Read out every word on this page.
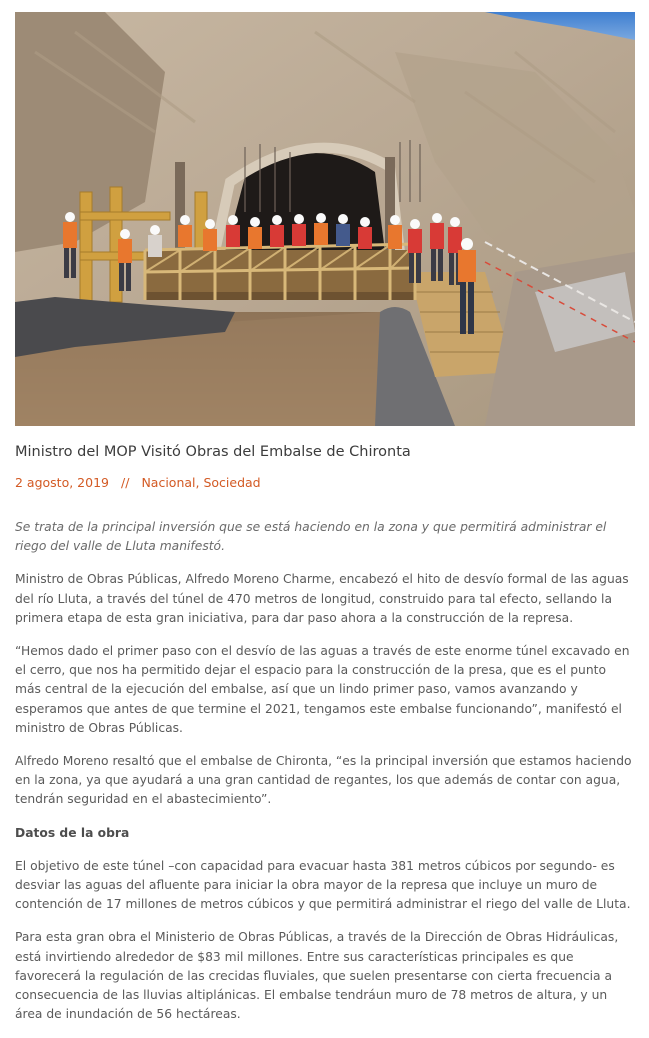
Ministro del MOP Visitó Obras del Embalse de Chironta
2 agosto, 2019 // Nacional, Sociedad

Se trata de la principal inversión que se está haciendo en la zona y que permitirá administrar el riego del valle de Lluta manifestó.

Ministro de Obras Públicas, Alfredo Moreno Charme, encabezó el hito de desvío formal de las aguas del río Lluta, a través del túnel de 470 metros de longitud, construido para tal efecto, sellando la primera etapa de esta gran iniciativa, para dar paso ahora a la construcción de la represa.

“Hemos dado el primer paso con el desvío de las aguas a través de este enorme túnel excavado en el cerro, que nos ha permitido dejar el espacio para la construcción de la presa, que es el punto más central de la ejecución del embalse, así que un lindo primer paso, vamos avanzando y esperamos que antes de que termine el 2021, tengamos este embalse funcionando”, manifestó el ministro de Obras Públicas.

Alfredo Moreno resaltó que el embalse de Chironta, “es la principal inversión que estamos haciendo en la zona, ya que ayudará a una gran cantidad de regantes, los que además de contar con agua, tendrán seguridad en el abastecimiento”.

Datos de la obra

El objetivo de este túnel –con capacidad para evacuar hasta 381 metros cúbicos por segundo- es desviar las aguas del afluente para iniciar la obra mayor de la represa que incluye un muro de contención de 17 millones de metros cúbicos y que permitirá administrar el riego del valle de Lluta.

Para esta gran obra el Ministerio de Obras Públicas, a través de la Dirección de Obras Hidráulicas, está invirtiendo alrededor de $83 mil millones. Entre sus características principales es que favorecerá la regulación de las crecidas fluviales, que suelen presentarse con cierta frecuencia a consecuencia de las lluvias altiplánicas. El embalse tendráun muro de 78 metros de altura, y un área de inundación de 56 hectáreas.
